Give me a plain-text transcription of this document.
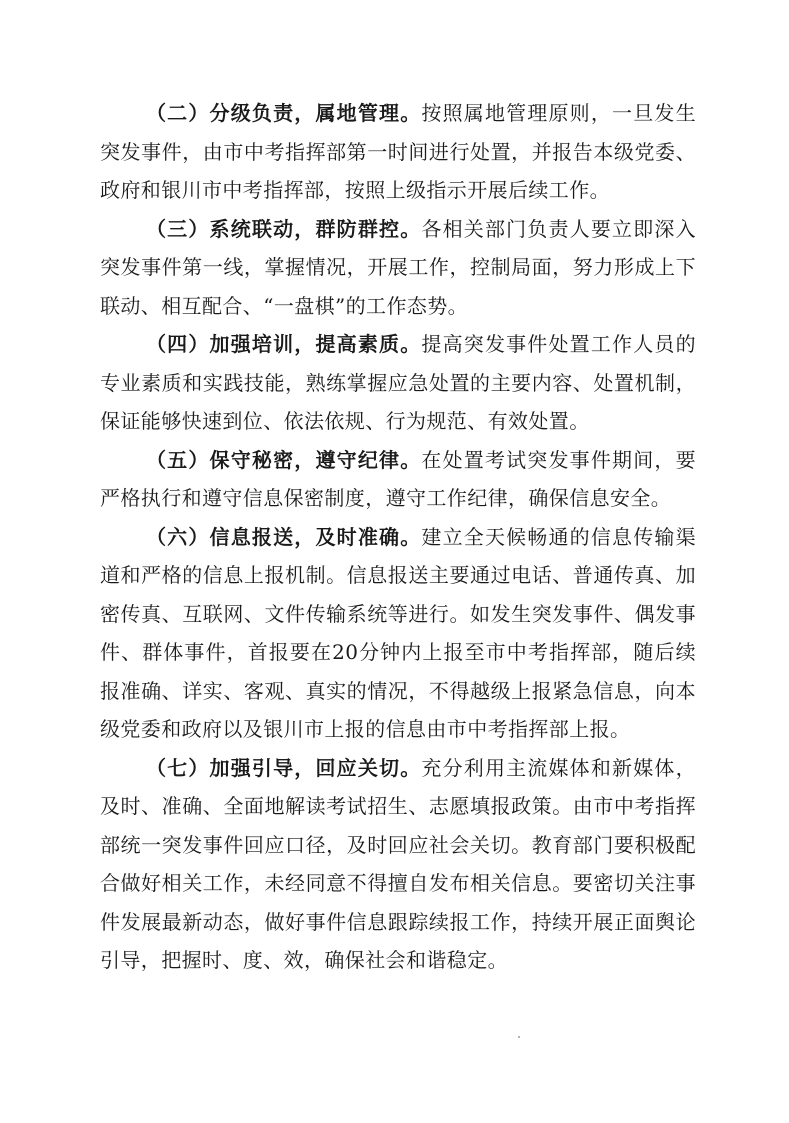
（二）分级负责，属地管理。按照属地管理原则，一旦发生突发事件，由市中考指挥部第一时间进行处置，并报告本级党委、政府和银川市中考指挥部，按照上级指示开展后续工作。

（三）系统联动，群防群控。各相关部门负责人要立即深入突发事件第一线，掌握情况，开展工作，控制局面，努力形成上下联动、相互配合、“一盘棋”的工作态势。

（四）加强培训，提高素质。提高突发事件处置工作人员的专业素质和实践技能，熟练掌握应急处置的主要内容、处置机制，保证能够快速到位、依法依规、行为规范、有效处置。

（五）保守秘密，遵守纪律。在处置考试突发事件期间，要严格执行和遵守信息保密制度，遵守工作纪律，确保信息安全。

（六）信息报送，及时准确。建立全天候畅通的信息传输渠道和严格的信息上报机制。信息报送主要通过电话、普通传真、加密传真、互联网、文件传输系统等进行。如发生突发事件、偶发事件、群体事件，首报要在20分钟内上报至市中考指挥部，随后续报准确、详实、客观、真实的情况，不得越级上报紧急信息，向本级党委和政府以及银川市上报的信息由市中考指挥部上报。

（七）加强引导，回应关切。充分利用主流媒体和新媒体，及时、准确、全面地解读考试招生、志愿填报政策。由市中考指挥部统一突发事件回应口径，及时回应社会关切。教育部门要积极配合做好相关工作，未经同意不得擅自发布相关信息。要密切关注事件发展最新动态，做好事件信息跟踪续报工作，持续开展正面舆论引导，把握时、度、效，确保社会和谐稳定。
